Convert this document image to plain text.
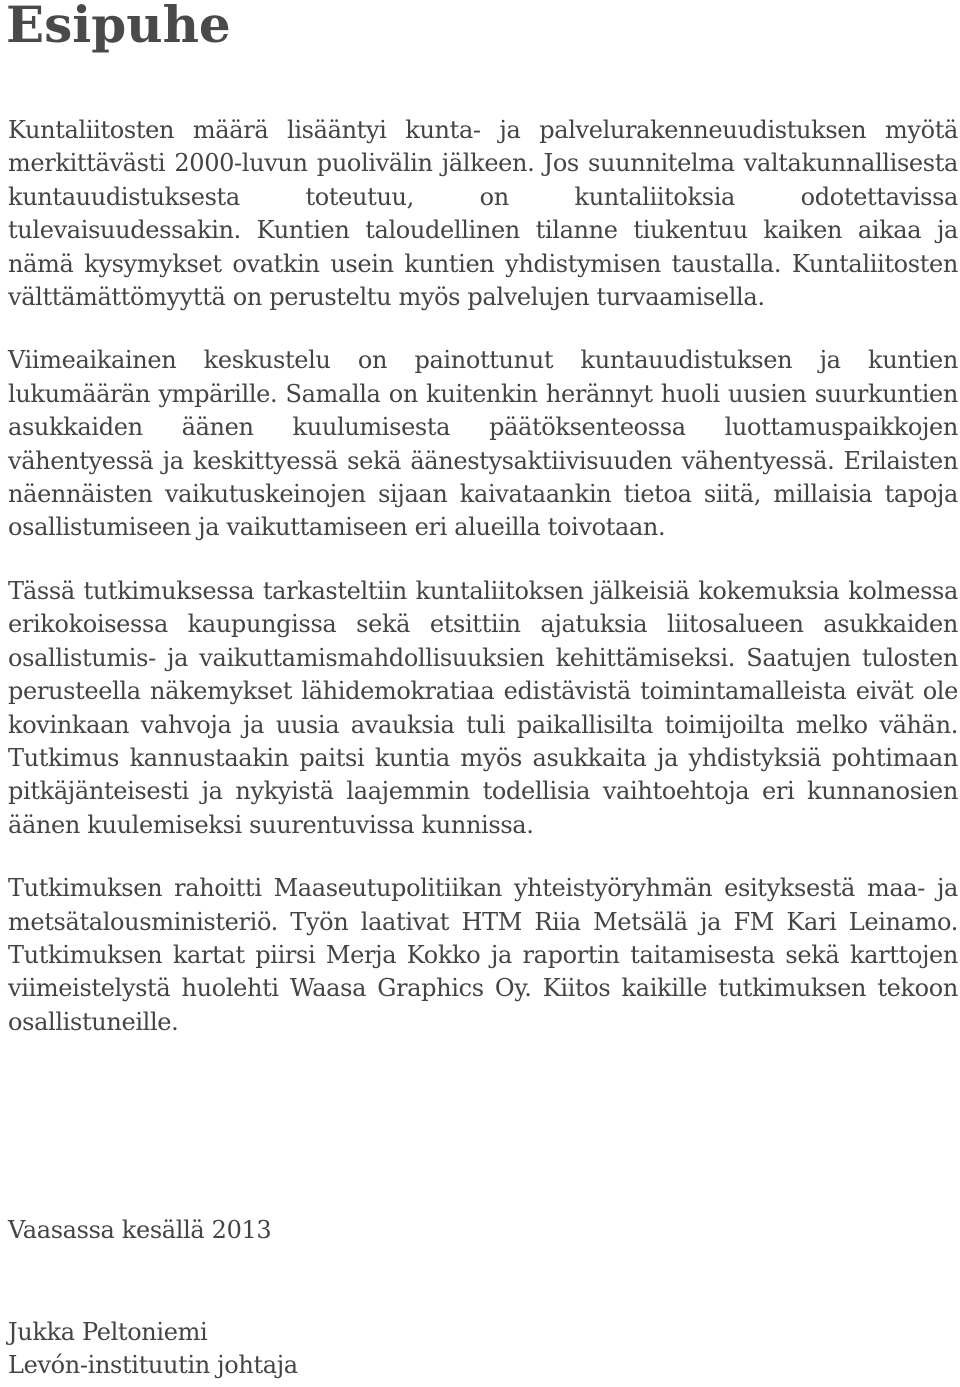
Esipuhe

Kuntaliitosten määrä lisääntyi kunta- ja palvelurakenneuudistuksen myötä merkittävästi 2000-luvun puolivälin jälkeen. Jos suunnitelma valtakunnallisesta kuntauudistuksesta toteutuu, on kuntaliitoksia odotettavissa tulevaisuudessakin. Kuntien taloudellinen tilanne tiukentuu kaiken aikaa ja nämä kysymykset ovatkin usein kuntien yhdistymisen taustalla. Kuntaliitosten välttämättömyyttä on perusteltu myös palvelujen turvaamisella.

Viimeaikainen keskustelu on painottunut kuntauudistuksen ja kuntien lukumäärän ympärille. Samalla on kuitenkin herännyt huoli uusien suurkuntien asukkaiden äänen kuulumisesta päätöksenteossa luottamuspaikkojen vähentyessä ja keskittyessä sekä äänestysaktiivisuuden vähentyessä. Erilaisten näennäisten vaikutuskeinojen sijaan kaivataankin tietoa siitä, millaisia tapoja osallistumiseen ja vaikuttamiseen eri alueilla toivotaan.

Tässä tutkimuksessa tarkasteltiin kuntaliitoksen jälkeisiä kokemuksia kolmessa erikokoisessa kaupungissa sekä etsittiin ajatuksia liitosalueen asukkaiden osallistumis- ja vaikuttamismahdollisuuksien kehittämiseksi. Saatujen tulosten perusteella näkemykset lähidemokratiaa edistävistä toimintamalleista eivät ole kovinkaan vahvoja ja uusia avauksia tuli paikallisilta toimijoilta melko vähän. Tutkimus kannustaakin paitsi kuntia myös asukkaita ja yhdistyksiä pohtimaan pitkäjänteisesti ja nykyistä laajemmin todellisia vaihtoehtoja eri kunnanosien äänen kuulemiseksi suurentuvissa kunnissa.

Tutkimuksen rahoitti Maaseutupolitiikan yhteistyöryhmän esityksestä maa- ja metsätalousministeriö. Työn laativat HTM Riia Metsälä ja FM Kari Leinamo. Tutkimuksen kartat piirsi Merja Kokko ja raportin taitamisesta sekä karttojen viimeistelystä huolehti Waasa Graphics Oy. Kiitos kaikille tutkimuksen tekoon osallistuneille.

Vaasassa kesällä 2013

Jukka Peltoniemi
Levón-instituutin johtaja
